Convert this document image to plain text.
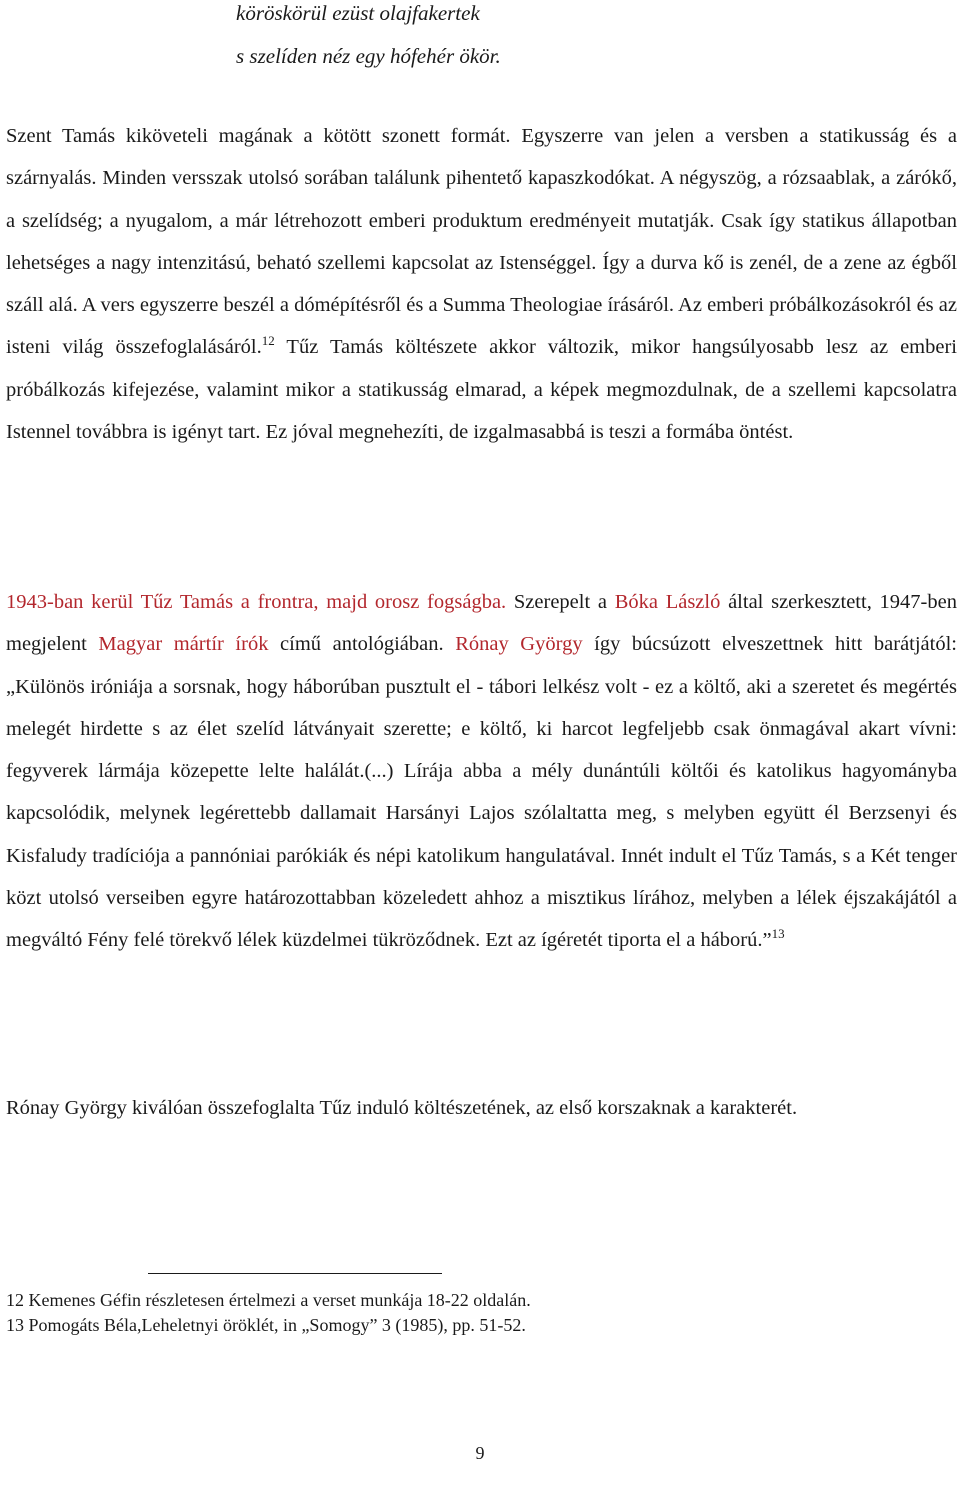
köröskörül ezüst olajfakertek
s szelíden néz egy hófehér ökör.
Szent Tamás kiköveteli magának a kötött szonett formát. Egyszerre van jelen a versben a statikusság és a szárnyalás. Minden versszak utolsó sorában találunk pihentető kapaszkodókat. A négyszög, a rózsaablak, a zárókő, a szelídség; a nyugalom, a már létrehozott emberi produktum eredményeit mutatják. Csak így statikus állapotban lehetséges a nagy intenzitású, beható szellemi kapcsolat az Istenséggel. Így a durva kő is zenél, de a zene az égből száll alá. A vers egyszerre beszél a dómépítésről és a Summa Theologiae írásáról. Az emberi próbálkozásokról és az isteni világ összefoglalásáról.$^{12}$ Tűz Tamás költészete akkor változik, mikor hangsúlyosabb lesz az emberi próbálkozás kifejezése, valamint mikor a statikusság elmarad, a képek megmozdulnak, de a szellemi kapcsolatra Istennel továbbra is igényt tart. Ez jóval megnehezíti, de izgalmasabbá is teszi a formába öntést.
1943-ban kerül Tűz Tamás a frontra, majd orosz fogságba. Szerepelt a Bóka László által szerkesztett, 1947-ben megjelent Magyar mártír írók című antológiában. Rónay György így búcsúzott elveszettnek hitt barátjától: „Különös iróniája a sorsnak, hogy háborúban pusztult el - tábori lelkész volt - ez a költő, aki a szeretet és megértés melegét hirdette s az élet szelíd látványait szerette; e költő, ki harcot legfeljebb csak önmagával akart vívni: fegyverek lármája közepette lelte halálát.(...) Lírája abba a mély dunántúli költői és katolikus hagyományba kapcsolódik, melynek legérettebb dallamait Harsányi Lajos szólaltatta meg, s melyben együtt él Berzsenyi és Kisfaludy tradíciója a pannóniai parókiák és népi katolikum hangulatával. Innét indult el Tűz Tamás, s a Két tenger közt utolsó verseiben egyre határozottabban közeledett ahhoz a misztikus lírához, melyben a lélek éjszakájától a megváltó Fény felé törekvő lélek küzdelmei tükröződnek. Ezt az ígéretét tiporta el a háború.”$^{13}$
Rónay György kiválóan összefoglalta Tűz induló költészetének, az első korszaknak a karakterét.
12 Kemenes Géfin részletesen értelmezi a verset munkája 18-22 oldalán.
13 Pomogáts Béla,Leheletnyi öröklét, in „Somogy” 3 (1985), pp. 51-52.
9
